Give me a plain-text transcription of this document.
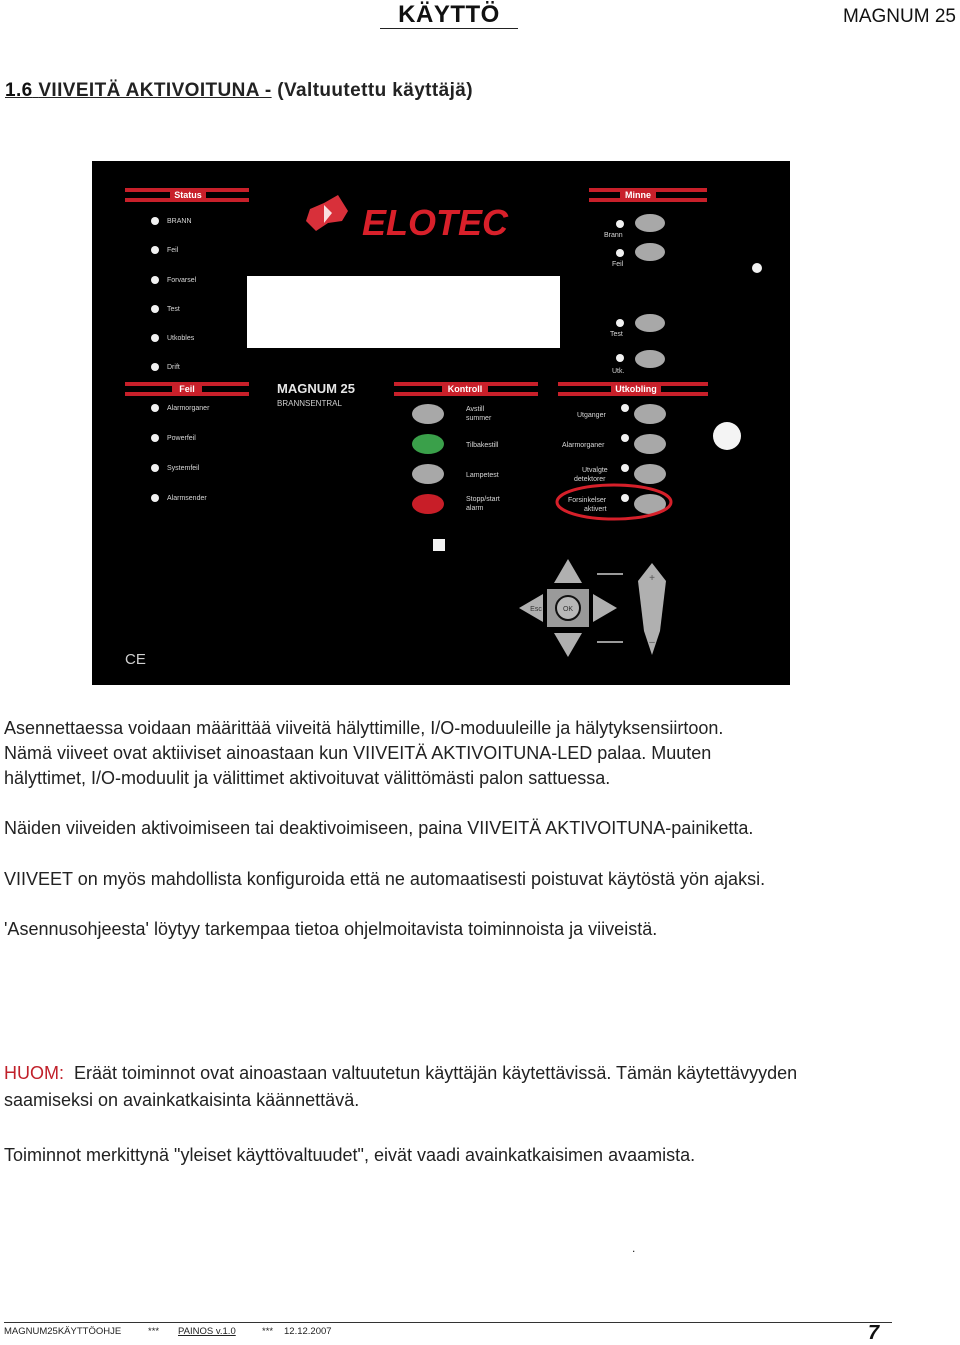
KÄYTTÖ	MAGNUM 25
1.6 VIIVEITÄ AKTIVOITUNA - (Valtuutettu käyttäjä)
Status	Minne
Feil	Kontroll	Utkobling
BRANN
Feil
Forvarsel
Test
Utkobles
Drift
Alarmorganer
Powerfeil
Systemfeil
Alarmsender
ELOTEC
MAGNUM 25
BRANNSENTRAL
Brann
Feil
Test
Utk.
Avstill
summer
Tilbakestill
Lampetest
Stopp/start
alarm
Utganger
Alarmorganer
Utvalgte
detektorer
Forsinkelser
aktivert
OK
Esc
+
–
CE
Asennettaessa voidaan määrittää viiveitä hälyttimille, I/O-moduuleille ja hälytyksensiirtoon.
Nämä viiveet ovat aktiiviset ainoastaan kun VIIVEITÄ AKTIVOITUNA-LED palaa. Muuten
hälyttimet, I/O-moduulit ja välittimet aktivoituvat välittömästi palon sattuessa.
Näiden viiveiden aktivoimiseen tai deaktivoimiseen, paina VIIVEITÄ AKTIVOITUNA-painiketta.
VIIVEET on myös mahdollista konfiguroida että ne automaatisesti poistuvat käytöstä yön ajaksi.
'Asennusohjeesta' löytyy tarkempaa tietoa ohjelmoitavista toiminnoista ja viiveistä.
HUOM: Eräät toiminnot ovat ainoastaan valtuutetun käyttäjän käytettävissä. Tämän käytettävyyden
saamiseksi on avainkatkaisinta käännettävä.
Toiminnot merkittynä "yleiset käyttövaltuudet", eivät vaadi avainkatkaisimen avaamista.
.
MAGNUM25KÄYTTÖOHJE	*** PAINOS v.1.0	*** 12.12.2007	7
